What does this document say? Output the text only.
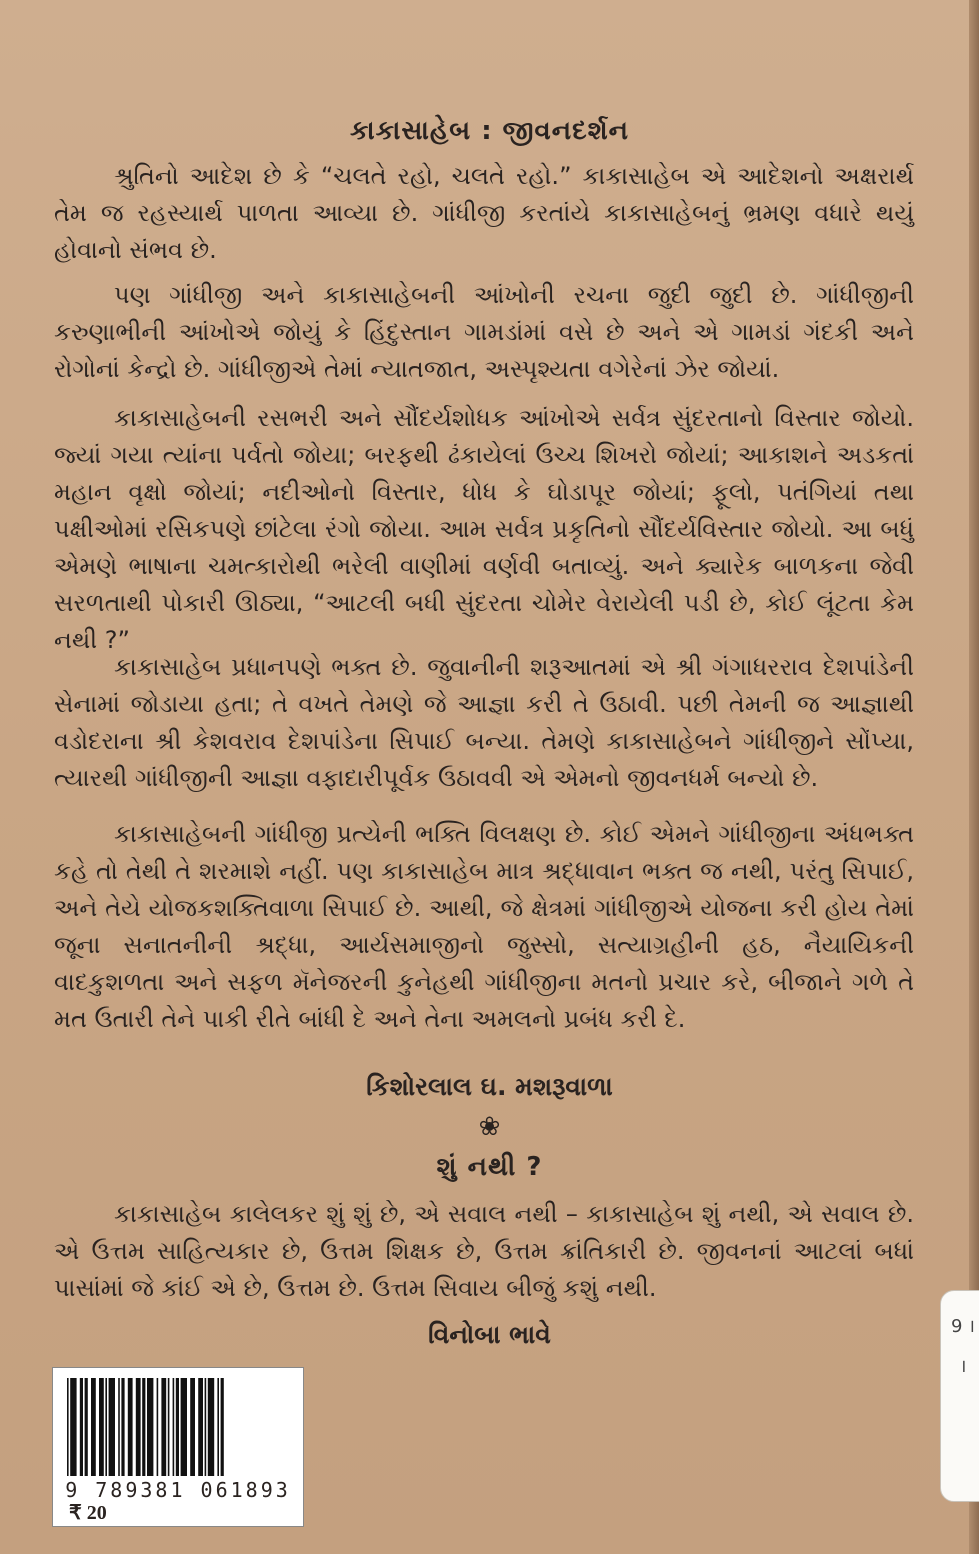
કાકાસાહેબ : જીવનદર્શન
શ્રુતિનો આદેશ છે કે “ચલતે રહો, ચલતે રહો.” કાકાસાહેબ એ આદેશનો અક્ષરાર્થ તેમ જ રહસ્યાર્થ પાળતા આવ્યા છે. ગાંધીજી કરતાંયે કાકાસાહેબનું ભ્રમણ વધારે થયું હોવાનો સંભવ છે.
પણ ગાંધીજી અને કાકાસાહેબની આંખોની રચના જુદી જુદી છે. ગાંધીજીની કરુણાભીની આંખોએ જોયું કે હિંદુસ્તાન ગામડાંમાં વસે છે અને એ ગામડાં ગંદકી અને રોગોનાં કેન્દ્રો છે. ગાંધીજીએ તેમાં ન્યાતજાત, અસ્પૃશ્યતા વગેરેનાં ઝેર જોયાં.
કાકાસાહેબની રસભરી અને સૌંદર્યશોધક આંખોએ સર્વત્ર સુંદરતાનો વિસ્તાર જોયો. જ્યાં ગયા ત્યાંના પર્વતો જોયા; બરફથી ઢંકાયેલાં ઉચ્ચ શિખરો જોયાં; આકાશને અડકતાં મહાન વૃક્ષો જોયાં; નદીઓનો વિસ્તાર, ધોધ કે ઘોડાપૂર જોયાં; ફૂલો, પતંગિયાં તથા પક્ષીઓમાં રસિકપણે છાંટેલા રંગો જોયા. આમ સર્વત્ર પ્રકૃતિનો સૌંદર્યવિસ્તાર જોયો. આ બધું એમણે ભાષાના ચમત્કારોથી ભરેલી વાણીમાં વર્ણવી બતાવ્યું. અને ક્યારેક બાળકના જેવી સરળતાથી પોકારી ઊઠ્યા, “આટલી બધી સુંદરતા ચોમેર વેરાયેલી પડી છે, કોઈ લૂંટતા કેમ નથી ?”
કાકાસાહેબ પ્રધાનપણે ભક્ત છે. જુવાનીની શરૂઆતમાં એ શ્રી ગંગાધરરાવ દેશપાંડેની સેનામાં જોડાયા હતા; તે વખતે તેમણે જે આજ્ઞા કરી તે ઉઠાવી. પછી તેમની જ આજ્ઞાથી વડોદરાના શ્રી કેશવરાવ દેશપાંડેના સિપાઈ બન્યા. તેમણે કાકાસાહેબને ગાંધીજીને સોંપ્યા, ત્યારથી ગાંધીજીની આજ્ઞા વફાદારીપૂર્વક ઉઠાવવી એ એમનો જીવનધર્મ બન્યો છે.
કાકાસાહેબની ગાંધીજી પ્રત્યેની ભક્તિ વિલક્ષણ છે. કોઈ એમને ગાંધીજીના અંધભક્ત કહે તો તેથી તે શરમાશે નહીં. પણ કાકાસાહેબ માત્ર શ્રદ્ધાવાન ભક્ત જ નથી, પરંતુ સિપાઈ, અને તેયે યોજકશક્તિવાળા સિપાઈ છે. આથી, જે ક્ષેત્રમાં ગાંધીજીએ યોજના કરી હોય તેમાં જૂના સનાતનીની શ્રદ્ધા, આર્યસમાજીનો જુસ્સો, સત્યાગ્રહીની હઠ, નૈયાયિકની વાદકુશળતા અને સફળ મૅનેજરની કુનેહથી ગાંધીજીના મતનો પ્રચાર કરે, બીજાને ગળે તે મત ઉતારી તેને પાકી રીતે બાંધી દે અને તેના અમલનો પ્રબંધ કરી દે.
કિશોરલાલ ઘ. મશરૂવાળા
❀
શું નથી ?
કાકાસાહેબ કાલેલકર શું શું છે, એ સવાલ નથી – કાકાસાહેબ શું નથી, એ સવાલ છે. એ ઉત્તમ સાહિત્યકાર છે, ઉત્તમ શિક્ષક છે, ઉત્તમ ક્રાંતિકારી છે. જીવનનાં આટલાં બધાં પાસાંમાં જે કાંઈ એ છે, ઉત્તમ છે. ઉત્તમ સિવાય બીજું કશું નથી.
વિનોબા ભાવે
9 789381 061893
₹ 20
9 । ।
